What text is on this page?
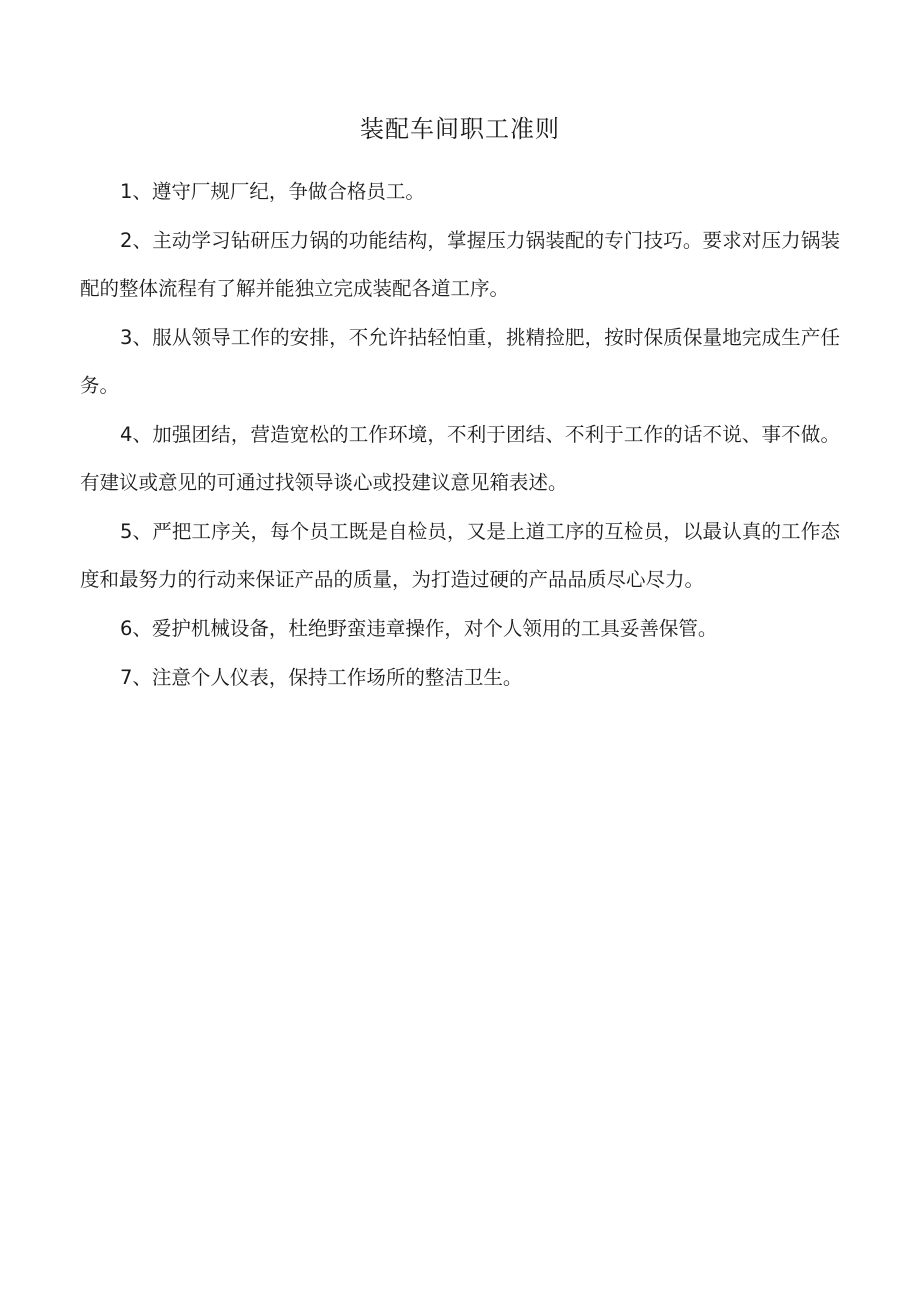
装配车间职工准则
1、遵守厂规厂纪，争做合格员工。
2、主动学习钻研压力锅的功能结构，掌握压力锅装配的专门技巧。要求对压力锅装配的整体流程有了解并能独立完成装配各道工序。
3、服从领导工作的安排，不允许拈轻怕重，挑精捡肥，按时保质保量地完成生产任务。
4、加强团结，营造宽松的工作环境，不利于团结、不利于工作的话不说、事不做。有建议或意见的可通过找领导谈心或投建议意见箱表述。
5、严把工序关，每个员工既是自检员，又是上道工序的互检员，以最认真的工作态度和最努力的行动来保证产品的质量，为打造过硬的产品品质尽心尽力。
6、爱护机械设备，杜绝野蛮违章操作，对个人领用的工具妥善保管。
7、注意个人仪表，保持工作场所的整洁卫生。
